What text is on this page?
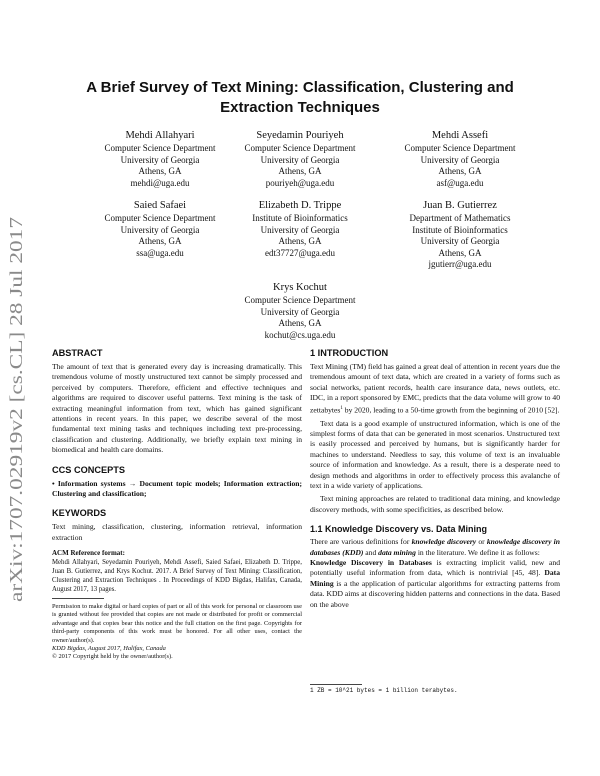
arXiv:1707.02919v2 [cs.CL] 28 Jul 2017
A Brief Survey of Text Mining: Classification, Clustering and
Extraction Techniques
Mehdi Allahyari
Computer Science Department
University of Georgia
Athens, GA
mehdi@uga.edu
Seyedamin Pouriyeh
Computer Science Department
University of Georgia
Athens, GA
pouriyeh@uga.edu
Mehdi Assefi
Computer Science Department
University of Georgia
Athens, GA
asf@uga.edu
Saied Safaei
Computer Science Department
University of Georgia
Athens, GA
ssa@uga.edu
Elizabeth D. Trippe
Institute of Bioinformatics
University of Georgia
Athens, GA
edt37727@uga.edu
Juan B. Gutierrez
Department of Mathematics
Institute of Bioinformatics
University of Georgia
Athens, GA
jgutierr@uga.edu
Krys Kochut
Computer Science Department
University of Georgia
Athens, GA
kochut@cs.uga.edu
ABSTRACT

The amount of text that is generated every day is increasing dramatically. This tremendous volume of mostly unstructured text cannot be simply processed and perceived by computers. Therefore, efficient and effective techniques and algorithms are required to discover useful patterns. Text mining is the task of extracting meaningful information from text, which has gained significant attentions in recent years. In this paper, we describe several of the most fundamental text mining tasks and techniques including text pre-processing, classification and clustering. Additionally, we briefly explain text mining in biomedical and health care domains.

CCS CONCEPTS

• Information systems → Document topic models; Information extraction; Clustering and classification;

KEYWORDS

Text mining, classification, clustering, information retrieval, information extraction

ACM Reference format:

Mehdi Allahyari, Seyedamin Pouriyeh, Mehdi Assefi, Saied Safaei, Elizabeth D. Trippe, Juan B. Gutierrez, and Krys Kochut. 2017. A Brief Survey of Text Mining: Classification, Clustering and Extraction Techniques . In Proceedings of KDD Bigdas, Halifax, Canada, August 2017, 13 pages.

Permission to make digital or hard copies of part or all of this work for personal or classroom use is granted without fee provided that copies are not made or distributed for profit or commercial advantage and that copies bear this notice and the full citation on the first page. Copyrights for third-party components of this work must be honored. For all other uses, contact the owner/author(s).

KDD Bigdas, August 2017, Halifax, Canada

© 2017 Copyright held by the owner/author(s).

1 INTRODUCTION

Text Mining (TM) field has gained a great deal of attention in recent years due the tremendous amount of text data, which are created in a variety of forms such as social networks, patient records, health care insurance data, news outlets, etc. IDC, in a report sponsored by EMC, predicts that the data volume will grow to 40 zettabytes$^1$ by 2020, leading to a 50-time growth from the beginning of 2010 [52].

Text data is a good example of unstructured information, which is one of the simplest forms of data that can be generated in most scenarios. Unstructured text is easily processed and perceived by humans, but is significantly harder for machines to understand. Needless to say, this volume of text is an invaluable source of information and knowledge. As a result, there is a desperate need to design methods and algorithms in order to effectively process this avalanche of text in a wide variety of applications.

Text mining approaches are related to traditional data mining, and knowledge discovery methods, with some specificities, as described below.

1.1 Knowledge Discovery vs. Data Mining

There are various definitions for knowledge discovery or knowledge discovery in databases (KDD) and data mining in the literature. We define it as follows:

Knowledge Discovery in Databases is extracting implicit valid, new and potentially useful information from data, which is nontrivial [45, 48]. Data Mining is a the application of particular algorithms for extracting patterns from data. KDD aims at discovering hidden patterns and connections in the data. Based on the above

1 ZB = 10^21 bytes = 1 billion terabytes.
